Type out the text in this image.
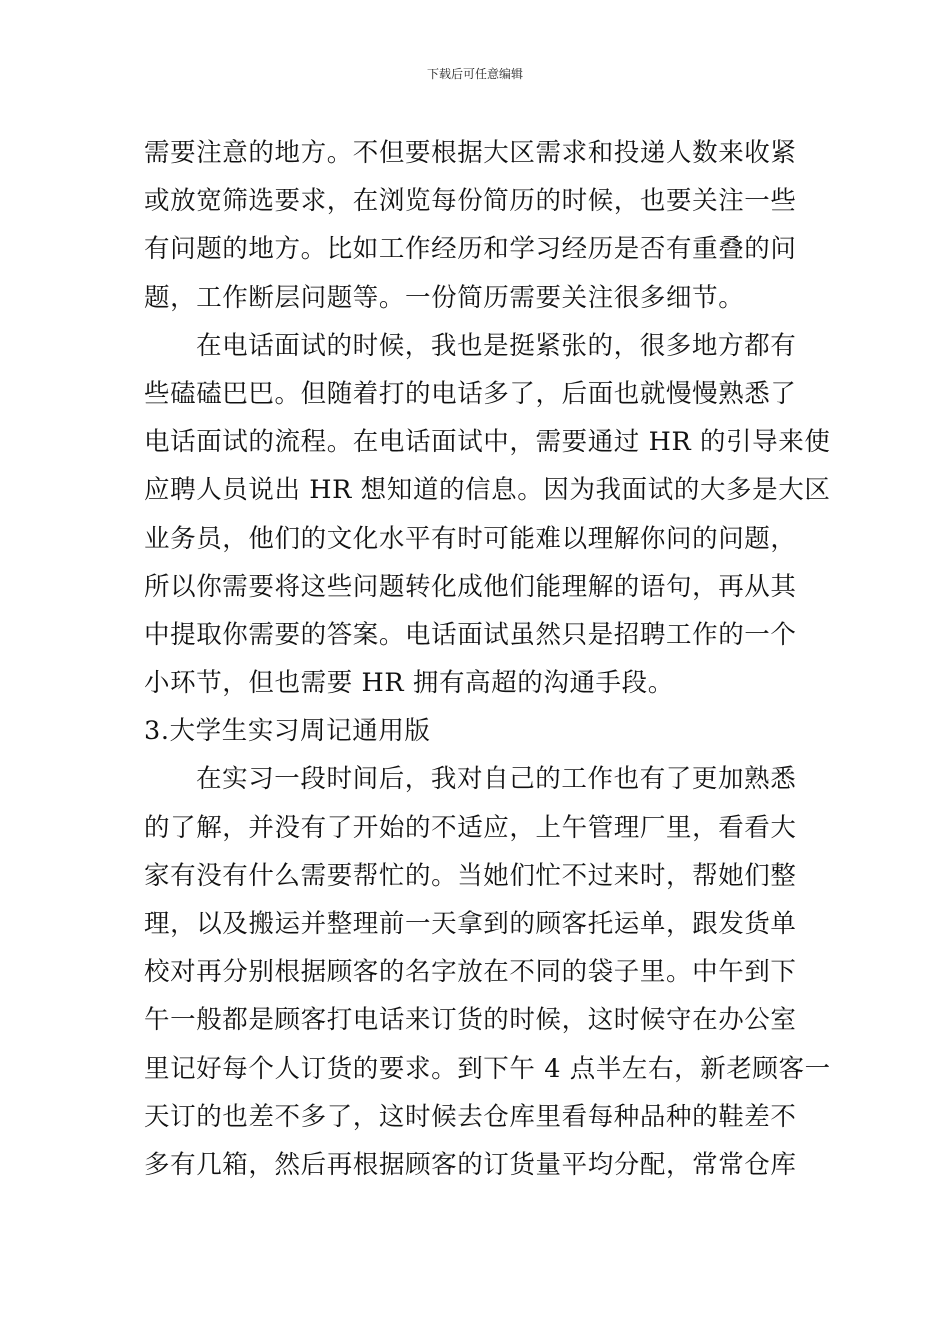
下载后可任意编辑
需要注意的地方。不但要根据大区需求和投递人数来收紧
或放宽筛选要求，在浏览每份简历的时候，也要关注一些
有问题的地方。比如工作经历和学习经历是否有重叠的问
题，工作断层问题等。一份简历需要关注很多细节。
在电话面试的时候，我也是挺紧张的，很多地方都有
些磕磕巴巴。但随着打的电话多了，后面也就慢慢熟悉了
电话面试的流程。在电话面试中，需要通过 HR 的引导来使
应聘人员说出 HR 想知道的信息。因为我面试的大多是大区
业务员，他们的文化水平有时可能难以理解你问的问题，
所以你需要将这些问题转化成他们能理解的语句，再从其
中提取你需要的答案。电话面试虽然只是招聘工作的一个
小环节，但也需要 HR 拥有高超的沟通手段。
3.大学生实习周记通用版
在实习一段时间后，我对自己的工作也有了更加熟悉
的了解，并没有了开始的不适应，上午管理厂里，看看大
家有没有什么需要帮忙的。当她们忙不过来时，帮她们整
理，以及搬运并整理前一天拿到的顾客托运单，跟发货单
校对再分别根据顾客的名字放在不同的袋子里。中午到下
午一般都是顾客打电话来订货的时候，这时候守在办公室
里记好每个人订货的要求。到下午 4 点半左右，新老顾客一
天订的也差不多了，这时候去仓库里看每种品种的鞋差不
多有几箱，然后再根据顾客的订货量平均分配，常常仓库
